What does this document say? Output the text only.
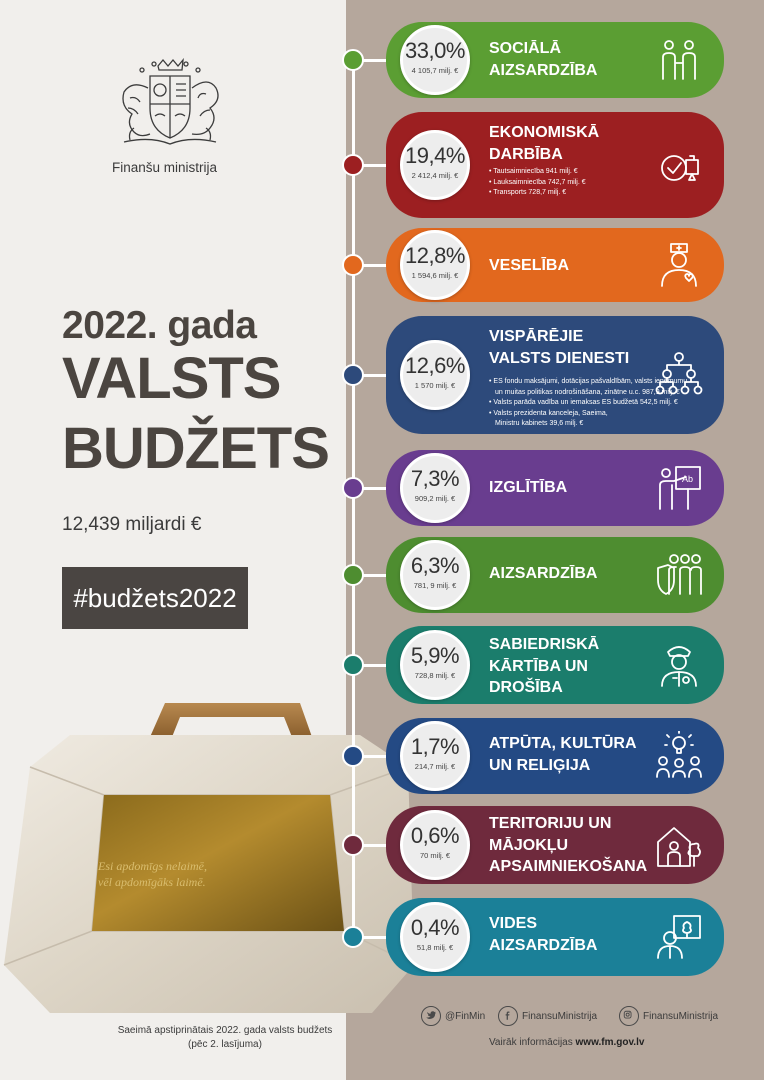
Finanšu ministrija
2022. gada
VALSTS
BUDŽETS
12,439 miljardi €
#budžets2022
Esi apdomīgs nelaimē,
vēl apdomīgāks laimē.
Saeimā apstiprinātais 2022. gada valsts budžets
(pēc 2. lasījuma)
33,0%
4 105,7 milj. €
SOCIĀLĀ
AIZSARDZĪBA
19,4%
2 412,4 milj. €
EKONOMISKĀ
DARBĪBA
• Tautsaimniecība 941 milj. €
• Lauksaimniecība 742,7 milj. €
• Transports 728,7 milj. €
12,8%
1 594,6 milj. €
VESELĪBA
12,6%
1 570 milj. €
VISPĀRĒJIE
VALSTS DIENESTI
• ES fondu maksājumi, dotācijas pašvaldībām, valsts ieņēmumu
un muitas politikas nodrošināšana, zinātne u.c. 987,9 milj. €
• Valsts parāda vadība un iemaksas ES budžetā 542,5 milj. €
• Valsts prezidenta kanceleja, Saeima,
Ministru kabinets 39,6 milj. €
7,3%
909,2 milj. €
IZGLĪTĪBA	Ab
6,3%
781, 9 milj. €
AIZSARDZĪBA
5,9%
728,8 milj. €
SABIEDRISKĀ
KĀRTĪBA UN
DROŠĪBA
1,7%
214,7 milj. €
ATPŪTA, KULTŪRA
UN RELIĢIJA
0,6%
70 milj. €
TERITORIJU UN
MĀJOKĻU
APSAIMNIEKOŠANA
0,4%
51,8 milj. €
VIDES
AIZSARDZĪBA
@FinMin	FinansuMinistrija	FinansuMinistrija
Vairāk informācijas www.fm.gov.lv
